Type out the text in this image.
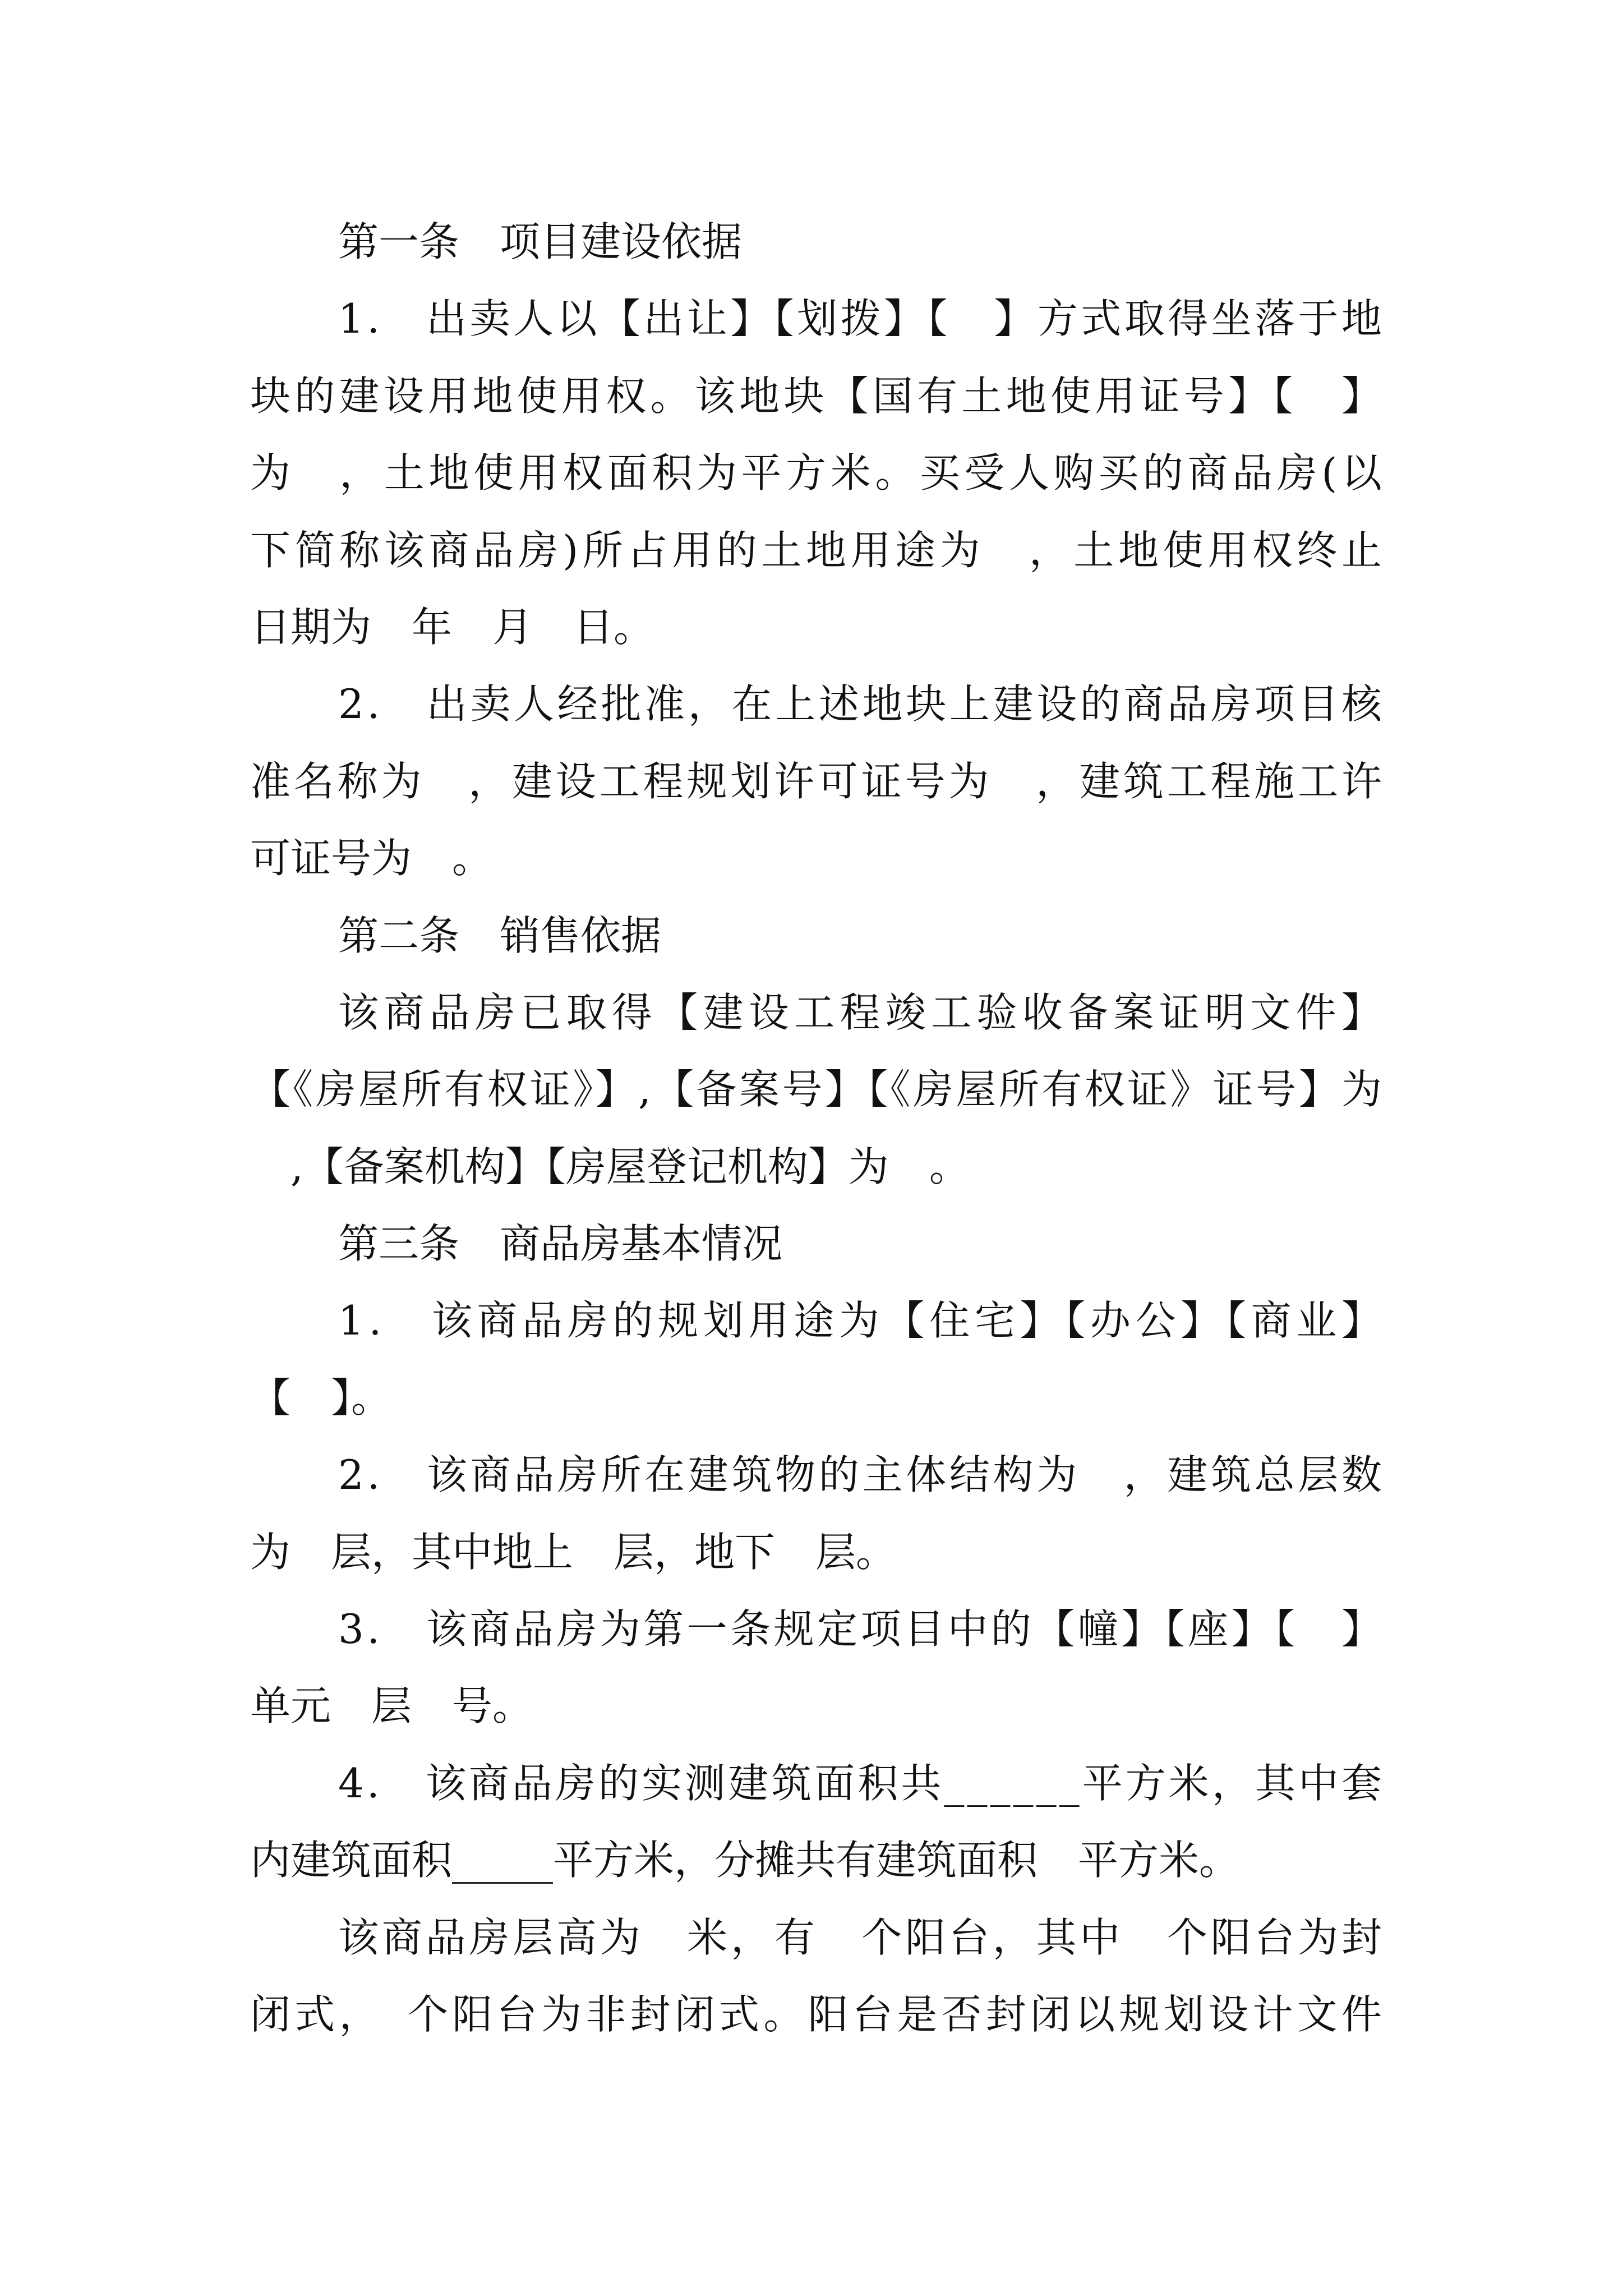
第一条　项目建设依据
1.　出卖人以【出让】【划拨】【　】方式取得坐落于地
块的建设用地使用权。该地块【国有土地使用证号】【　】
为　，土地使用权面积为平方米。买受人购买的商品房(以
下简称该商品房)所占用的土地用途为　，土地使用权终止
日期为　年　月　日。
2.　出卖人经批准，在上述地块上建设的商品房项目核
准名称为　，建设工程规划许可证号为　，建筑工程施工许
可证号为　。
第二条　销售依据
该商品房已取得【建设工程竣工验收备案证明文件】
【《房屋所有权证》】,【备案号】【《房屋所有权证》证号】为
　,【备案机构】【房屋登记机构】为　。
第三条　商品房基本情况
1.　该商品房的规划用途为【住宅】【办公】【商业】
【　】。
2.　该商品房所在建筑物的主体结构为　，建筑总层数
为　层，其中地上　层，地下　层。
3.　该商品房为第一条规定项目中的【幢】【座】【　】
单元　层　号。
4.　该商品房的实测建筑面积共______平方米，其中套
内建筑面积_____平方米，分摊共有建筑面积　平方米。
该商品房层高为　米，有　个阳台，其中　个阳台为封
闭式，　个阳台为非封闭式。阳台是否封闭以规划设计文件
